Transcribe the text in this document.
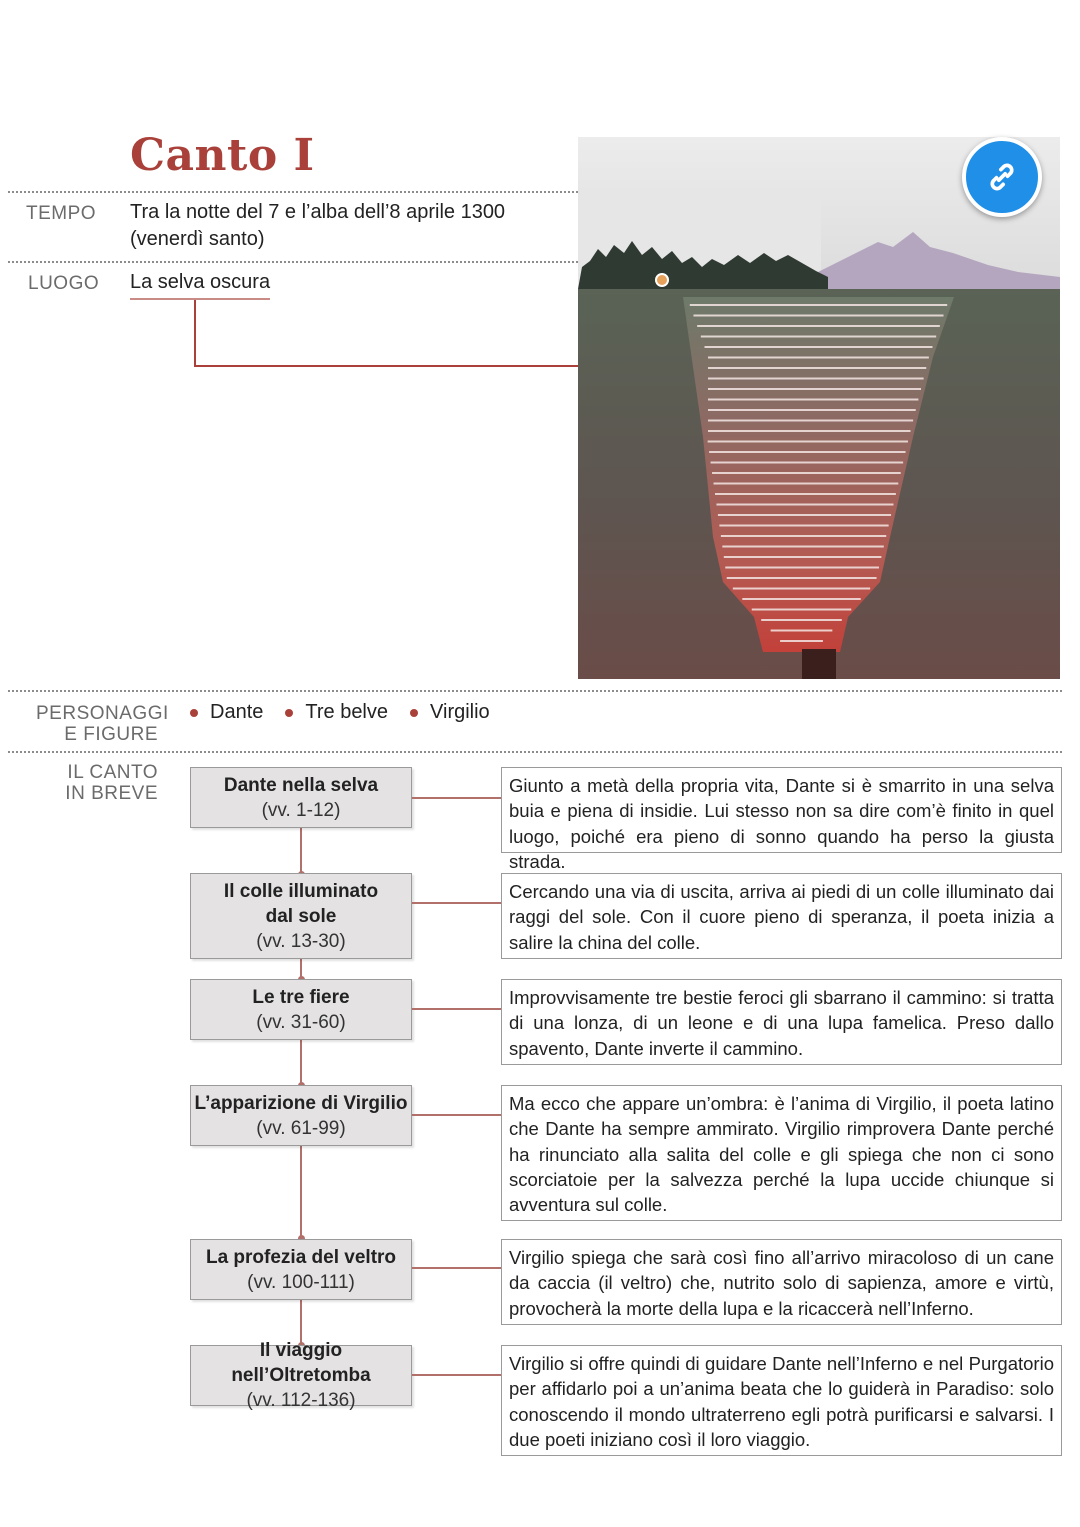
Canto I
TEMPO Tra la notte del 7 e l’alba dell’8 aprile 1300
(venerdì santo)
LUOGO La selva oscura
PERSONAGGI
E FIGURE
Dante Tre belve Virgilio
IL CANTO
IN BREVE	Dante nella selva
(vv. 1-12)
Giunto a metà della propria vita, Dante si è smarrito in una selva buia e piena di insidie. Lui stesso non sa dire com’è finito in quel luogo, poiché era pieno di sonno quando ha perso la giusta strada.
Il colle illuminato
dal sole
(vv. 13-30)
Cercando una via di uscita, arriva ai piedi di un colle illuminato dai raggi del sole. Con il cuore pieno di speranza, il poeta inizia a salire la china del colle.
Le tre fiere
(vv. 31-60)
Improvvisamente tre bestie feroci gli sbarrano il cammino: si tratta di una lonza, di un leone e di una lupa famelica. Preso dallo spavento, Dante inverte il cammino.
L’apparizione di Virgilio
(vv. 61-99)
Ma ecco che appare un’ombra: è l’anima di Virgilio, il poeta latino che Dante ha sempre ammirato. Virgilio rimprovera Dante perché ha rinunciato alla salita del colle e gli spiega che non ci sono scorciatoie per la salvezza perché la lupa uccide chiunque si avventura sul colle.
La profezia del veltro
(vv. 100-111)
Virgilio spiega che sarà così fino all’arrivo miracoloso di un cane da caccia (il veltro) che, nutrito solo di sapienza, amore e virtù, provocherà la morte della lupa e la ricaccerà nell’Inferno.
Il viaggio nell’Oltretomba
(vv. 112-136)
Virgilio si offre quindi di guidare Dante nell’Inferno e nel Purgatorio per affidarlo poi a un’anima beata che lo guiderà in Paradiso: solo conoscendo il mondo ultraterreno egli potrà purificarsi e salvarsi. I due poeti iniziano così il loro viaggio.
